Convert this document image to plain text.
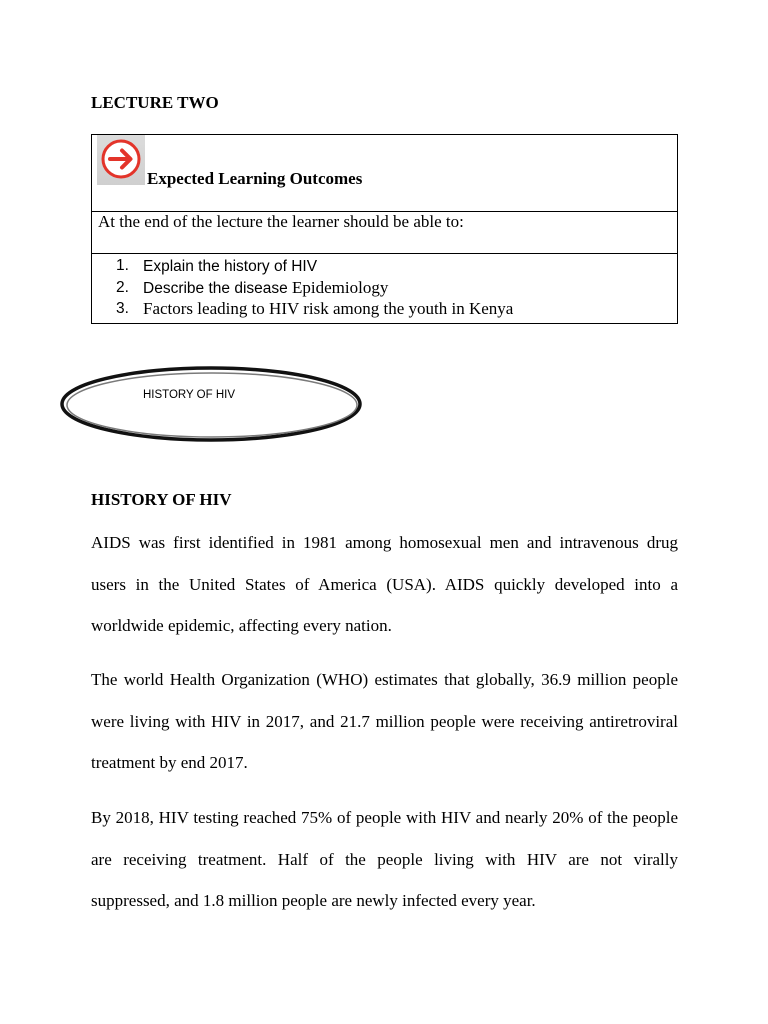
LECTURE TWO
Expected Learning Outcomes
At the end of the lecture the learner should be able to:
1. Explain the history of HIV
2. Describe the disease Epidemiology
3. Factors leading to HIV risk among the youth in Kenya
HISTORY OF HIV
HISTORY OF HIV
AIDS was first identified in 1981 among homosexual men and intravenous drug
users in the United States of America (USA). AIDS quickly developed into a
worldwide epidemic, affecting every nation.
The world Health Organization (WHO) estimates that globally, 36.9 million people
were living with HIV in 2017, and 21.7 million people were receiving antiretroviral
treatment by end 2017.
By 2018, HIV testing reached 75% of people with HIV and nearly 20% of the people
are receiving treatment. Half of the people living with HIV are not virally
suppressed, and 1.8 million people are newly infected every year.
